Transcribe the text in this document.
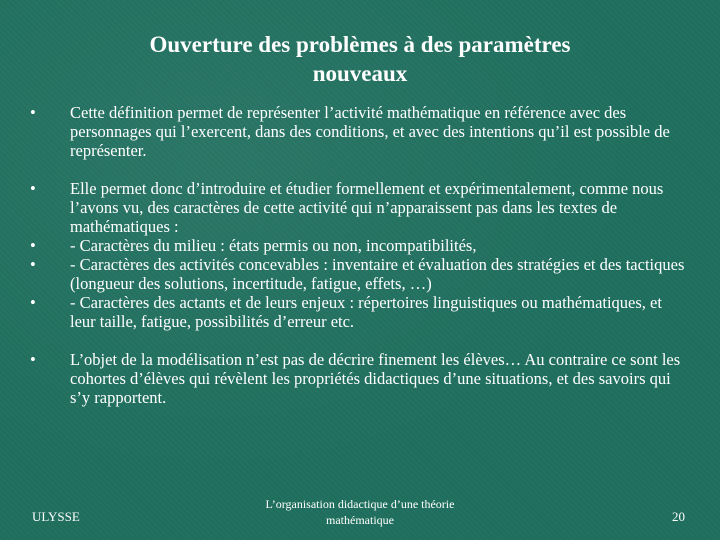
Ouverture des problèmes à des paramètres
nouveaux
•	Cette définition permet de représenter l’activité mathématique en référence avec des personnages qui l’exercent, dans des conditions, et avec des intentions qu’il est possible de représenter.
•	Elle permet donc d’introduire et étudier formellement et expérimentalement, comme nous l’avons vu, des caractères de cette activité qui n’apparaissent pas dans les textes de mathématiques :
•	- Caractères du milieu : états permis ou non, incompatibilités,
•	- Caractères des activités concevables : inventaire et évaluation des stratégies et des tactiques (longueur des solutions, incertitude, fatigue, effets, …)
•	- Caractères des actants et de leurs enjeux : répertoires linguistiques ou mathématiques, et leur taille, fatigue, possibilités d’erreur etc.
•	L’objet de la modélisation n’est pas de décrire finement les élèves… Au contraire ce sont les cohortes d’élèves qui révèlent les propriétés didactiques d’une situations, et des savoirs qui s’y rapportent.
ULYSSE
L’organisation didactique d’une théorie
mathématique	20
